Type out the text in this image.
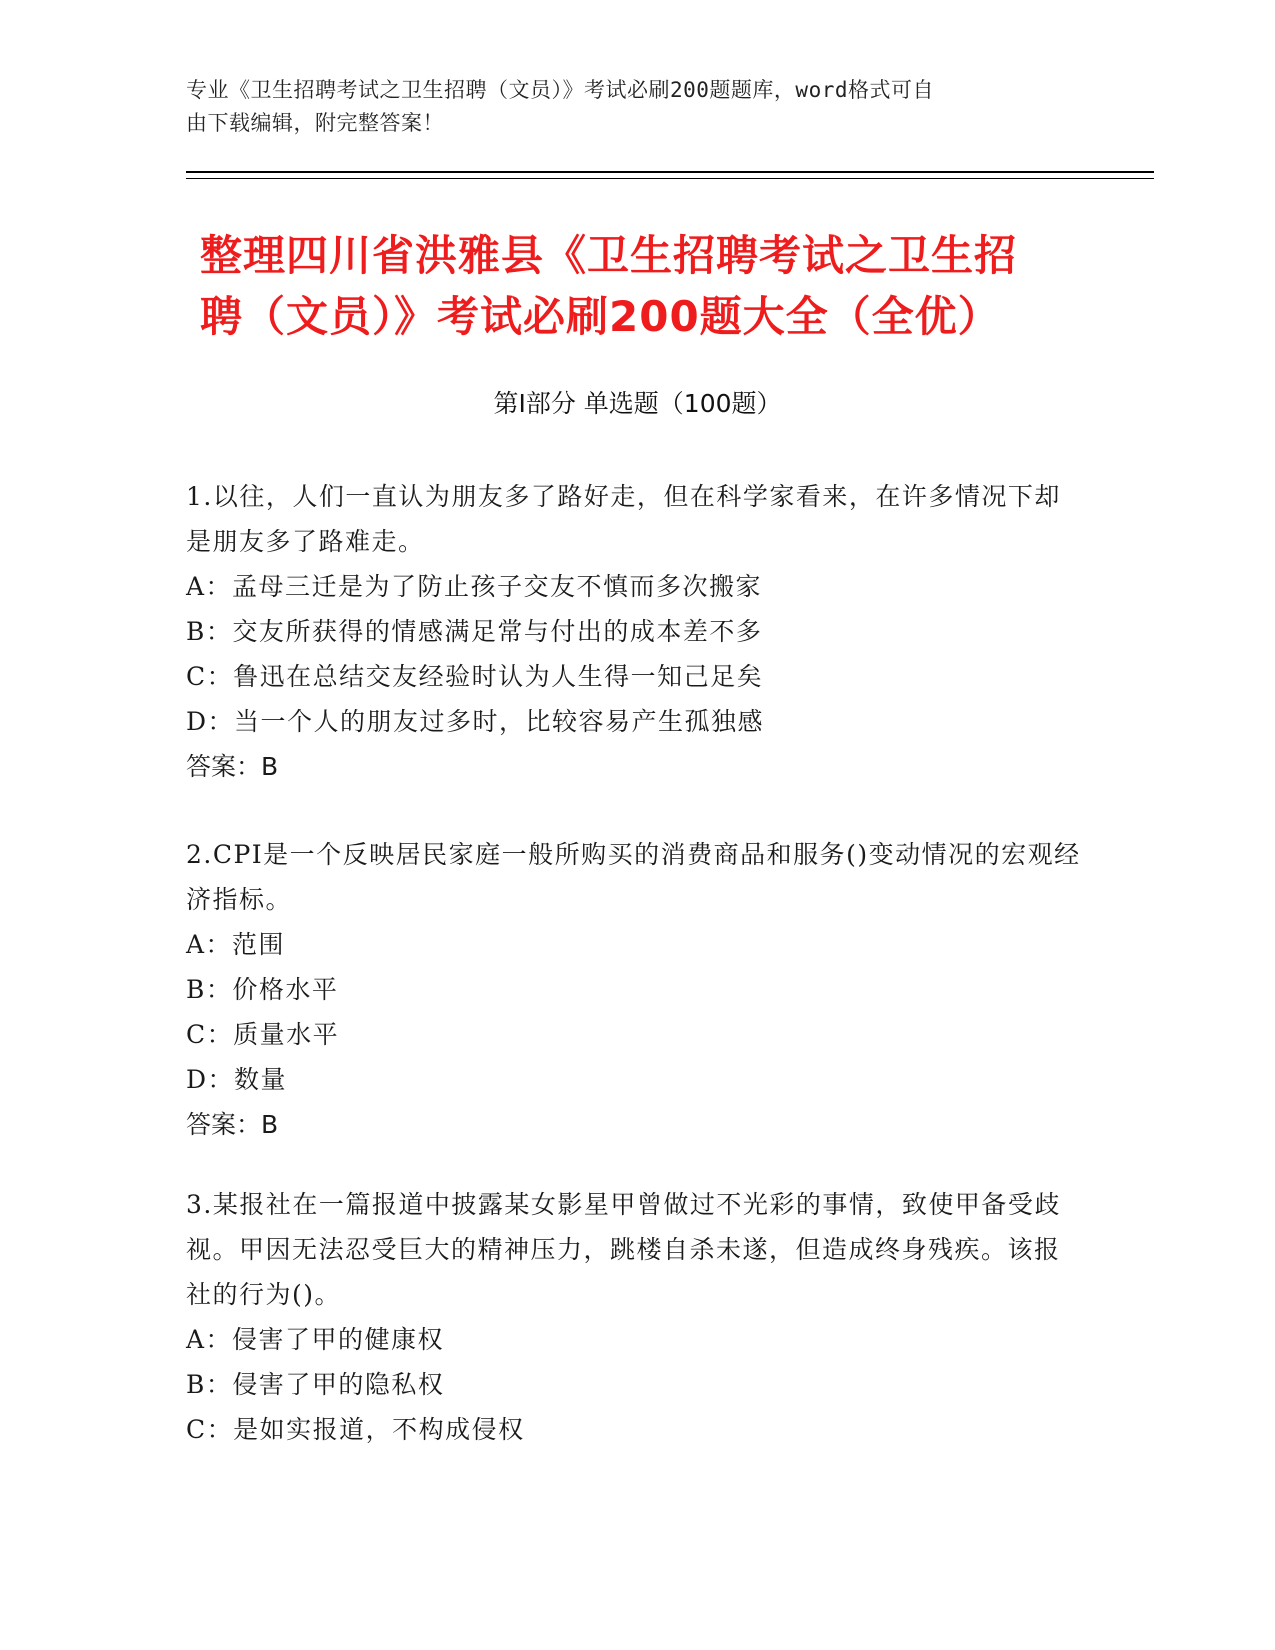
专业《卫生招聘考试之卫生招聘（文员）》考试必刷200题题库，word格式可自
由下载编辑，附完整答案！
整理四川省洪雅县《卫生招聘考试之卫生招
聘（文员）》考试必刷200题大全（全优）
第Ⅰ部分 单选题（100题）

1.以往，人们一直认为朋友多了路好走，但在科学家看来，在许多情况下却是朋友多了路难走。

A：孟母三迁是为了防止孩子交友不慎而多次搬家
B：交友所获得的情感满足常与付出的成本差不多
C：鲁迅在总结交友经验时认为人生得一知己足矣
D：当一个人的朋友过多时，比较容易产生孤独感
答案：B

2.CPI是一个反映居民家庭一般所购买的消费商品和服务()变动情况的宏观经济指标。

A：范围
B：价格水平
C：质量水平
D：数量
答案：B

3.某报社在一篇报道中披露某女影星甲曾做过不光彩的事情，致使甲备受歧视。甲因无法忍受巨大的精神压力，跳楼自杀未遂，但造成终身残疾。该报社的行为()。

A：侵害了甲的健康权
B：侵害了甲的隐私权
C：是如实报道，不构成侵权
